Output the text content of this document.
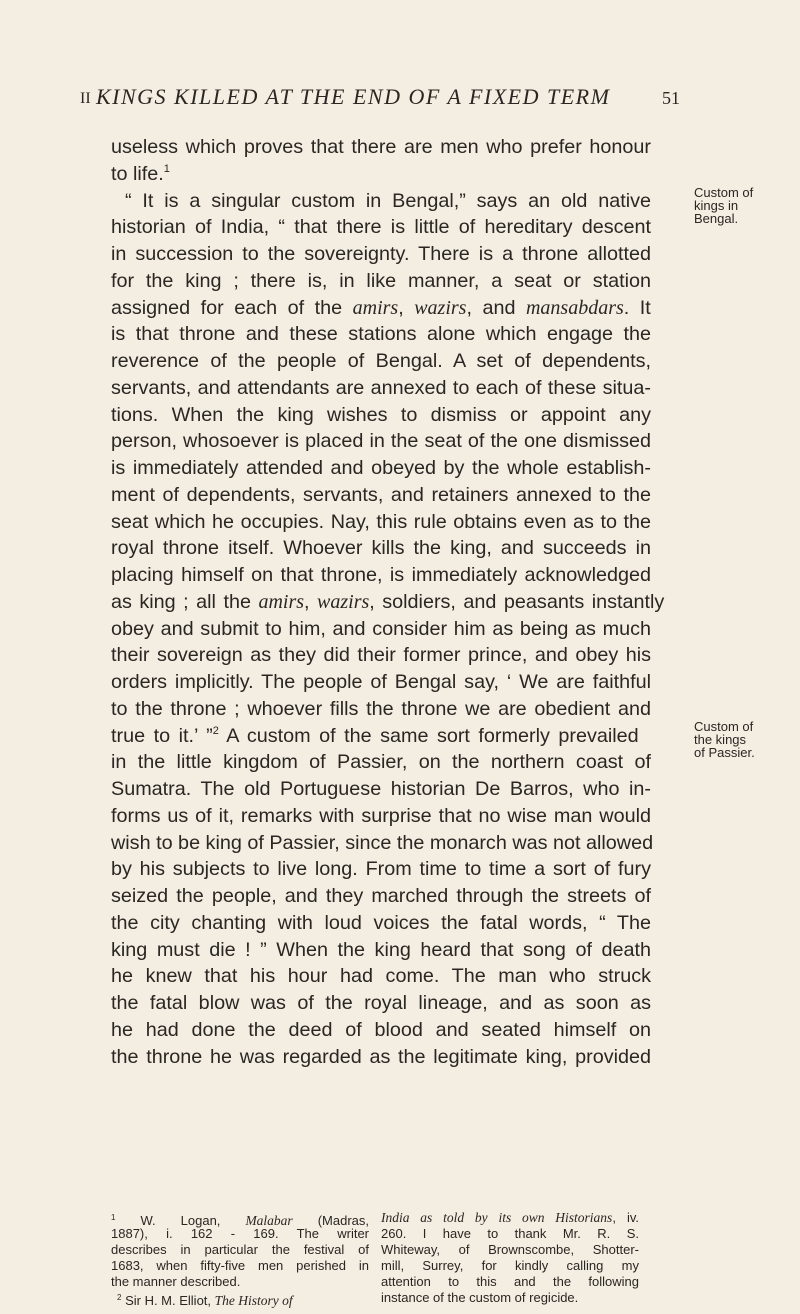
II KINGS KILLED AT THE END OF A FIXED TERM	51
useless which proves that there are men who prefer honour
to life.$^1$
“ It is a singular custom in Bengal,” says an old native
historian of India, “ that there is little of hereditary descent
in succession to the sovereignty. There is a throne allotted
for the king ; there is, in like manner, a seat or station
assigned for each of the amirs, wazirs, and mansabdars. It
is that throne and these stations alone which engage the
reverence of the people of Bengal. A set of dependents,
servants, and attendants are annexed to each of these situa-
tions. When the king wishes to dismiss or appoint any
person, whosoever is placed in the seat of the one dismissed
is immediately attended and obeyed by the whole establish-
ment of dependents, servants, and retainers annexed to the
seat which he occupies. Nay, this rule obtains even as to the
royal throne itself. Whoever kills the king, and succeeds in
placing himself on that throne, is immediately acknowledged
as king ; all the amirs, wazirs, soldiers, and peasants instantly
obey and submit to him, and consider him as being as much
their sovereign as they did their former prince, and obey his
orders implicitly. The people of Bengal say, ‘ We are faithful
to the throne ; whoever fills the throne we are obedient and
true to it.’ ”$^2$ A custom of the same sort formerly prevailed
in the little kingdom of Passier, on the northern coast of
Sumatra. The old Portuguese historian De Barros, who in-
forms us of it, remarks with surprise that no wise man would
wish to be king of Passier, since the monarch was not allowed
by his subjects to live long. From time to time a sort of fury
seized the people, and they marched through the streets of
the city chanting with loud voices the fatal words, “ The
king must die ! ” When the king heard that song of death
he knew that his hour had come. The man who struck
the fatal blow was of the royal lineage, and as soon as
he had done the deed of blood and seated himself on
the throne he was regarded as the legitimate king, provided
Custom of
kings in
Bengal.
Custom of
the kings
of Passier.
$^1$ W. Logan, Malabar (Madras,
1887), i. 162 - 169. The writer
describes in particular the festival of
1683, when fifty-five men perished in
the manner described.
$^2$ Sir H. M. Elliot, The History of
India as told by its own Historians, iv.
260. I have to thank Mr. R. S.
Whiteway, of Brownscombe, Shotter-
mill, Surrey, for kindly calling my
attention to this and the following
instance of the custom of regicide.
